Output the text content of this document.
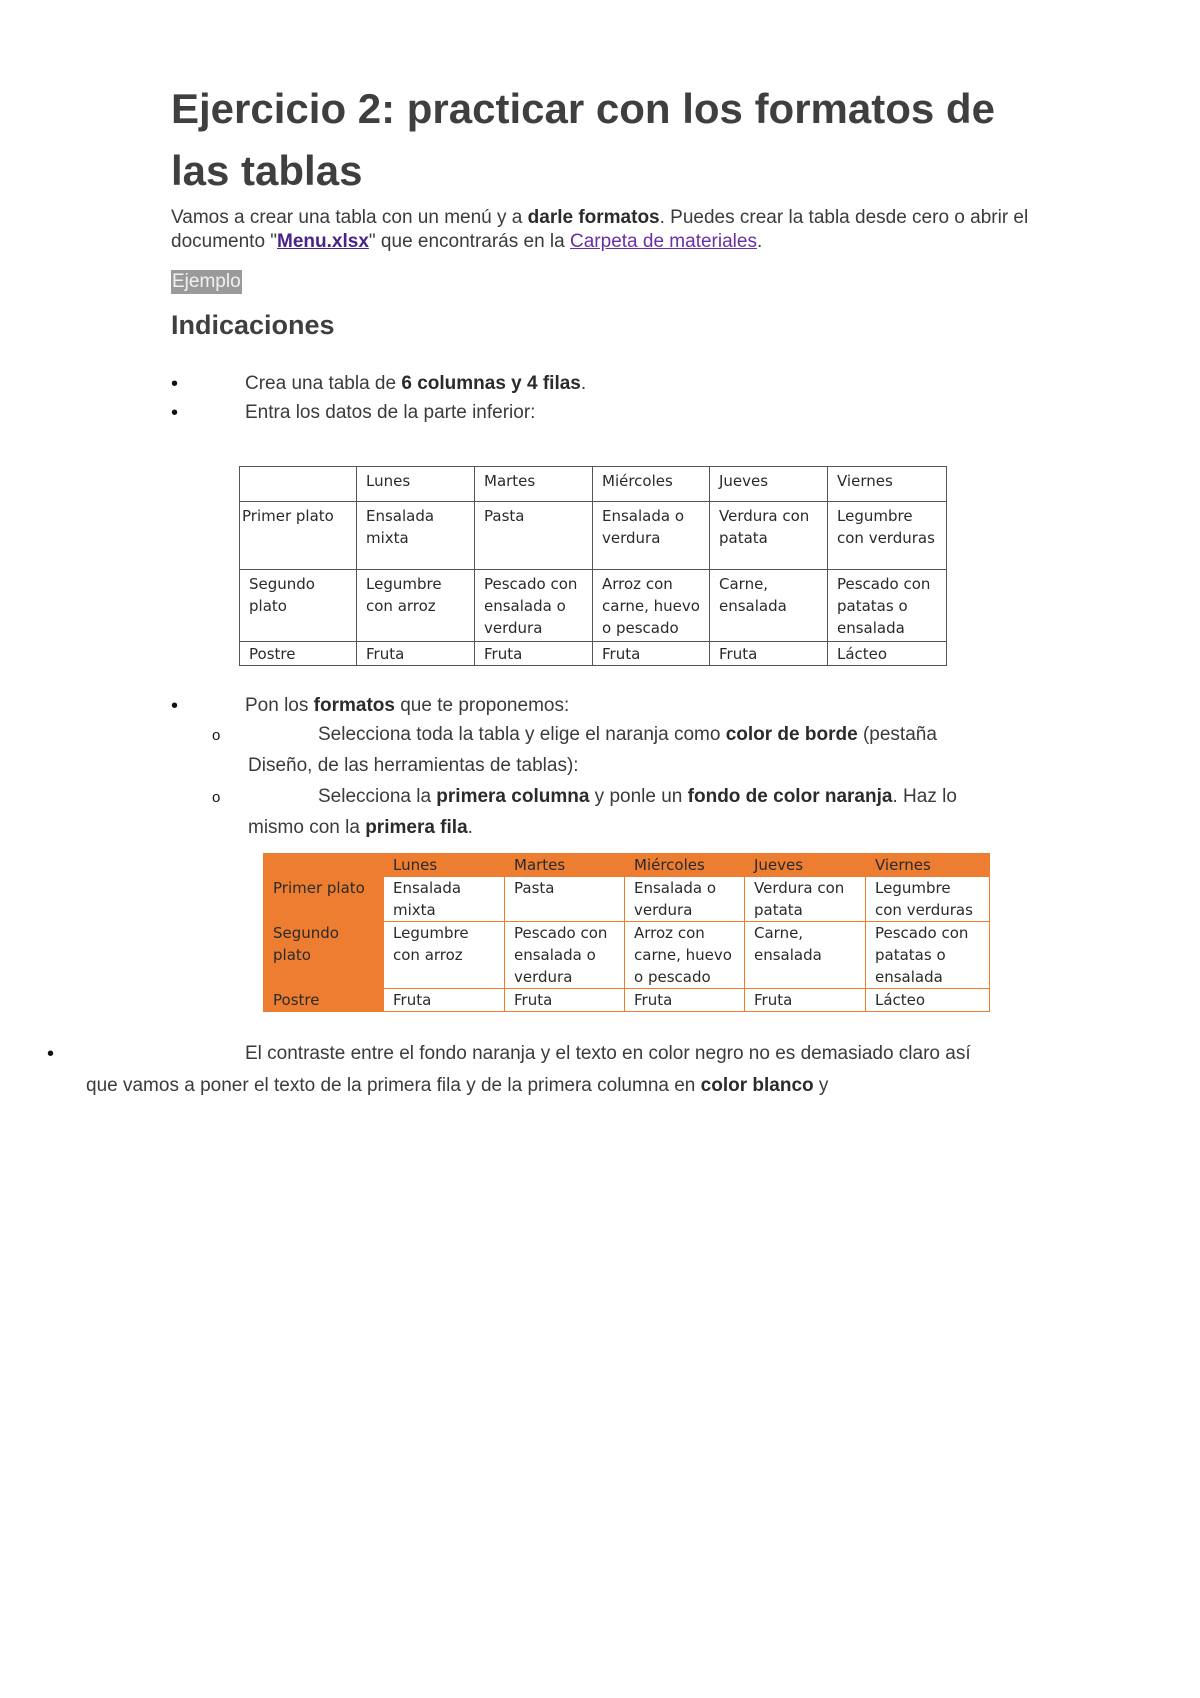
Ejercicio 2: practicar con los formatos de las tablas

Vamos a crear una tabla con un menú y a darle formatos. Puedes crear la tabla desde cero o abrir el documento "Menu.xlsx" que encontrarás en la Carpeta de materiales.

Ejemplo
Indicaciones
•	Crea una tabla de 6 columnas y 4 filas.
•	Entra los datos de la parte inferior:
	Lunes	Martes	Miércoles	Jueves	Viernes
Primer plato	Ensalada mixta	Pasta	Ensalada o verdura	Verdura con patata	Legumbre con verduras
Segundo plato	Legumbre con arroz	Pescado con ensalada o verdura	Arroz con carne, huevo o pescado	Carne, ensalada	Pescado con patatas o ensalada
Postre	Fruta	Fruta	Fruta	Fruta	Lácteo
•	Pon los formatos que te proponemos:
o	Selecciona toda la tabla y elige el naranja como color de borde (pestaña
Diseño, de las herramientas de tablas):
o	Selecciona la primera columna y ponle un fondo de color naranja. Haz lo
mismo con la primera fila.
	Lunes	Martes	Miércoles	Jueves	Viernes
Primer plato	Ensalada mixta	Pasta	Ensalada o verdura	Verdura con patata	Legumbre con verduras
Segundo plato	Legumbre con arroz	Pescado con ensalada o verdura	Arroz con carne, huevo o pescado	Carne, ensalada	Pescado con patatas o ensalada
Postre	Fruta	Fruta	Fruta	Fruta	Lácteo
•	El contraste entre el fondo naranja y el texto en color negro no es demasiado claro así
que vamos a poner el texto de la primera fila y de la primera columna en color blanco y
